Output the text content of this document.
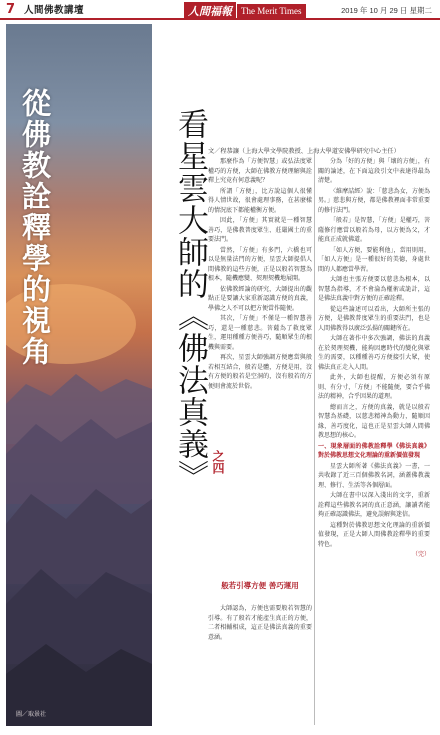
7 人間佛教講壇	人間福報	The Merit Times	2019 年 10 月 29 日 星期二
從佛教詮釋學的視角
圖／取景社
看星雲大師的《佛法真義》 之四
文／程恭讓（上海大學文學院教授、上海大學道安佛學研究中心主任）

那麼作為「方便智慧」或弘法度眾權巧的方便，大師在佛教方便理解與詮釋上究竟有何意義呢？

所謂「方便」，比方說這個人很懂得人情世故，很會處理事務，在甚麼樣的情況底下都能權衡方便。

因此，「方便」其實就是一種智慧善巧，是佛教普度眾生、莊嚴國土的重要法門。

當然，「方便」有多門，六橋也可以是無量法門的方便，星雲大師提倡人間佛教的這些方便，正是以般若智慧為根本，隨機應變、契理契機地展開。

依佛教經論的研究，大師提出的觀點正是要讓大家重新認識方便的真義，學佛之人不可以把方便當作隨便。

其次，「方便」不僅是一種智慧善巧，還是一種慈悲。菩薩為了救度眾生，運用種種方便善巧，隨順眾生的根機與需要。

再次，星雲大師強調方便應當與般若相互結合，般若是體，方便是用，沒有方便的般若是空洞的，沒有般若的方便則會流於世俗。

般若引導方便 善巧運用

大師認為，方便也需要般若智慧的引導。有了般若才能產生真正的方便，二者相輔相成，這正是佛法真義的重要意涵。

分為「好的方便」與「壞的方便」，有關的論述，在下面這段引文中表達得最為清楚。

〈維摩詰經〉說：「慈悲為女，方便為男。」慈悲與方便，都是佛教裡面非常重要的修行法門。

「般若」是智慧，「方便」是權巧，菩薩修行應當以般若為母，以方便為父，才能真正成就佛道。

「如人方便，要能利他」，當用則用，「如人方便」是一種很好的美德，身處世間的人都應當學習。

大師也主張方便要以慈悲為根本，以智慧為指導，才不會淪為權術或詭計，這是佛法真義中對方便的正確詮釋。

從這些論述可以看出，大師所主張的方便，是佛教普度眾生的重要法門，也是人間佛教得以廣泛弘揚的關鍵所在。

大師在著作中多次強調，佛法的真義在於契理契機，能夠因應時代的變化與眾生的需要，以種種善巧方便接引大眾，使佛法真正走入人間。

此外，大師也提醒，方便必須有原則、有分寸，「方便」不能隨便，要合乎佛法的精神，合乎因果的道理。

總而言之，方便的真義，就是以般若智慧為基礎，以慈悲精神為動力，隨順因緣，善巧度化，這也正是星雲大師人間佛教思想的核心。

一、現象層面的佛教詮釋學《佛法真義》對於佛教思想文化理論的重新價值發現

星雲大師所著《佛法真義》一書，一共收錄了近三百個佛教名詞，涵蓋佛教義理、修行、生活等各個層面。

大師在書中以深入淺出的文字，重新詮釋這些佛教名詞的真正意涵，讓讀者能夠正確認識佛法，避免誤解與迷信。

這種對於佛教思想文化理論的重新價值發現，正是大師人間佛教詮釋學的重要特色。

（完）
